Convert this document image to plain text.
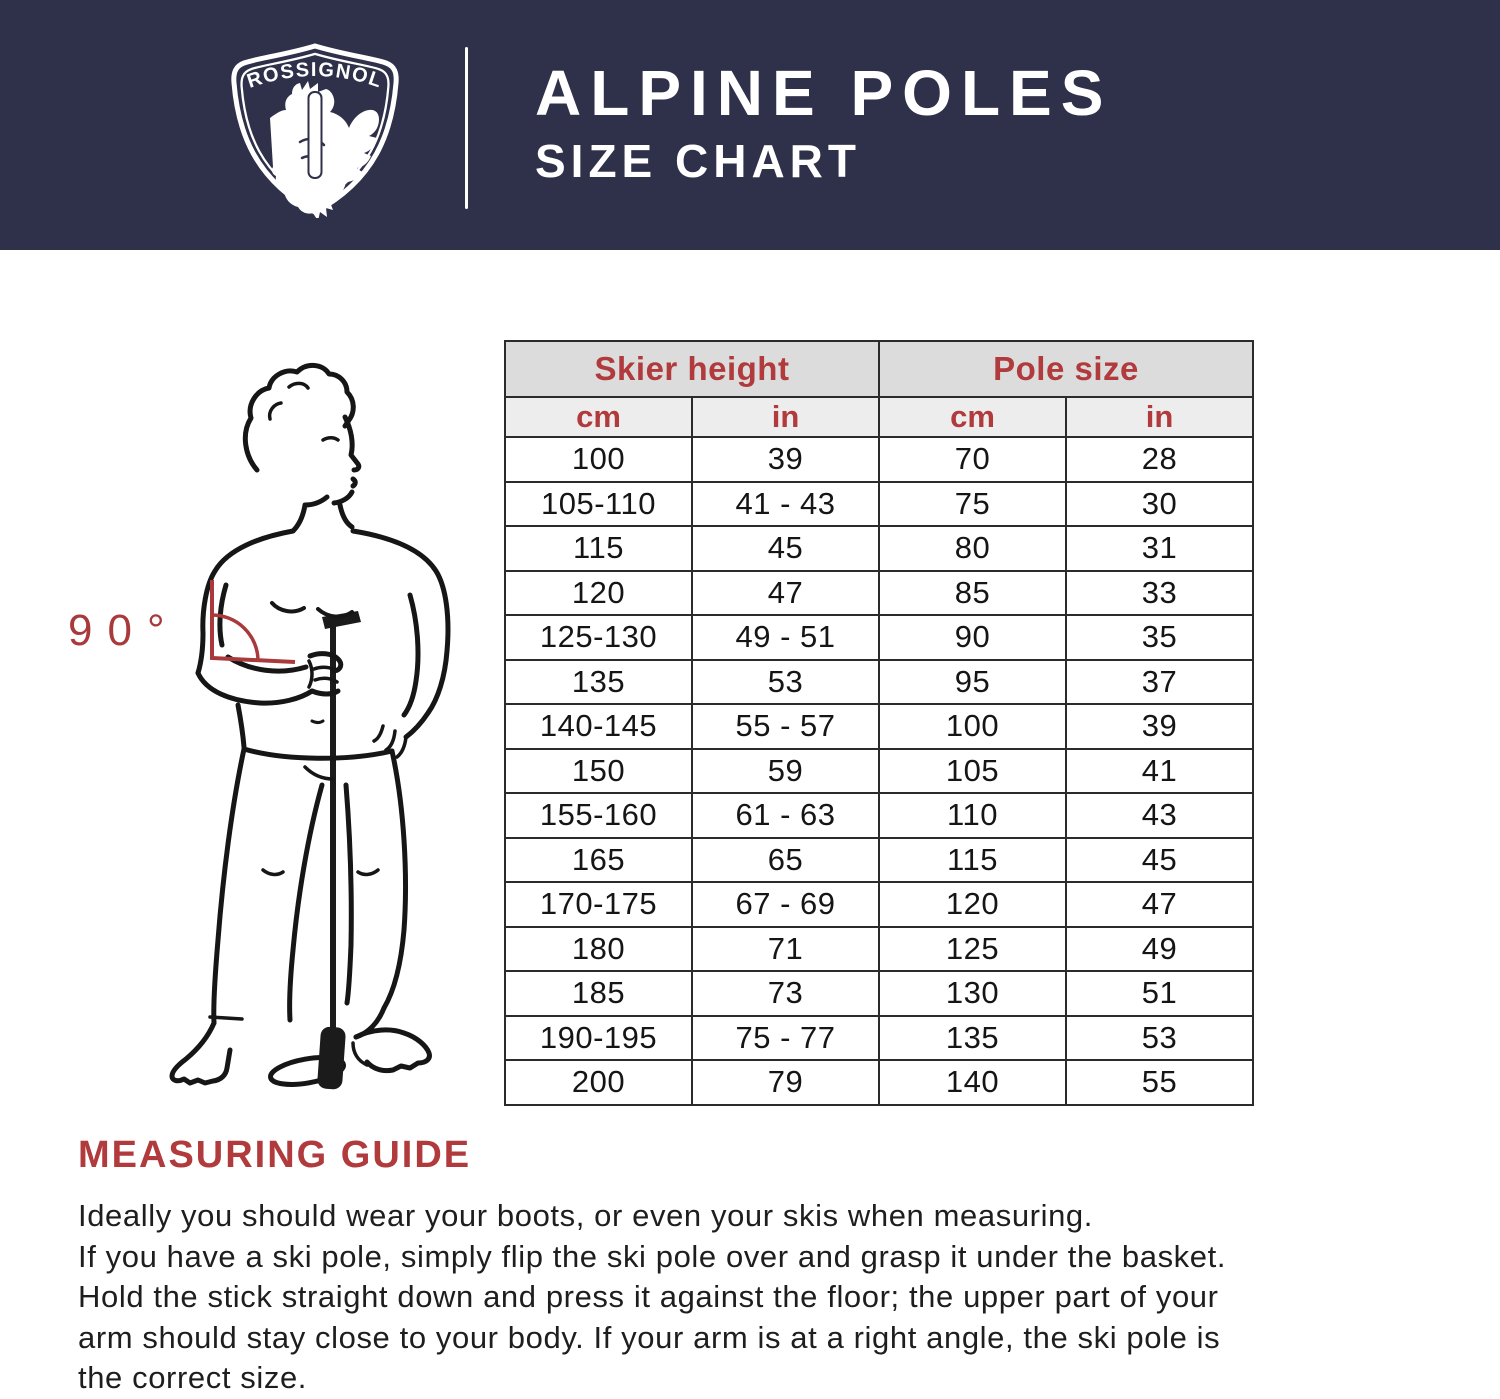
ROSSIGNOL ALPINE POLES
SIZE CHART
90°
Skier height		Pole size	
cm	in	cm	in
100	39	70	28
105-110	41 - 43	75	30
115	45	80	31
120	47	85	33
125-130	49 - 51	90	35
135	53	95	37
140-145	55 - 57	100	39
150	59	105	41
155-160	61 - 63	110	43
165	65	115	45
170-175	67 - 69	120	47
180	71	125	49
185	73	130	51
190-195	75 - 77	135	53
200	79	140	55
MEASURING GUIDE
Ideally you should wear your boots, or even your skis when measuring.
If you have a ski pole, simply flip the ski pole over and grasp it under the basket.
Hold the stick straight down and press it against the floor; the upper part of your
arm should stay close to your body. If your arm is at a right angle, the ski pole is
the correct size.
